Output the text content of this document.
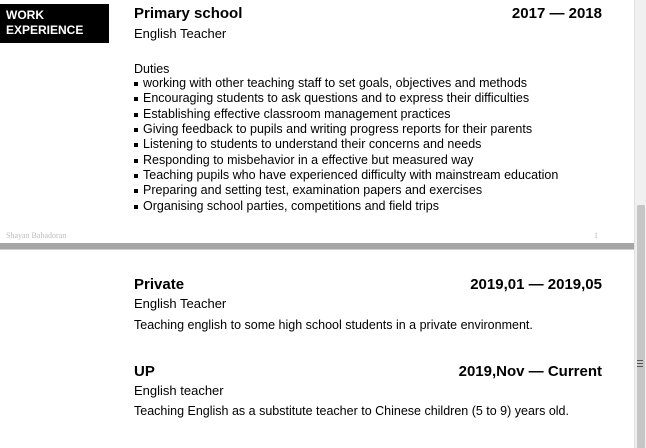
WORK
EXPERIENCE
Primary school	2017 — 2018
English Teacher
Duties
working with other teaching staff to set goals, objectives and methods
Encouraging students to ask questions and to express their difficulties
Establishing effective classroom management practices
Giving feedback to pupils and writing progress reports for their parents
Listening to students to understand their concerns and needs
Responding to misbehavior in a effective but measured way
Teaching pupils who have experienced difficulty with mainstream education
Preparing and setting test, examination papers and exercises
Organising school parties, competitions and field trips
Shayan Bahadoran	1
Private	2019,01 — 2019,05
English Teacher
Teaching english to some high school students in a private environment.
UP	2019,Nov — Current
English teacher
Teaching English as a substitute teacher to Chinese children (5 to 9) years old.
